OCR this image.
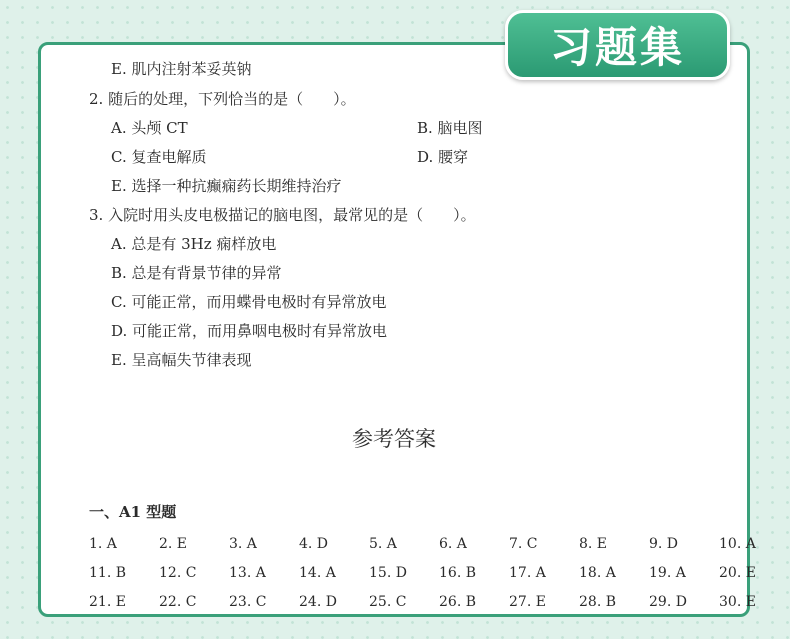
习题集
E. 肌内注射苯妥英钠
2. 随后的处理，下列恰当的是（　　）。
A. 头颅 CT	B. 脑电图
C. 复查电解质	D. 腰穿
E. 选择一种抗癫痫药长期维持治疗
3. 入院时用头皮电极描记的脑电图，最常见的是（　　）。
A. 总是有 3Hz 痫样放电
B. 总是有背景节律的异常
C. 可能正常，而用蝶骨电极时有异常放电
D. 可能正常，而用鼻咽电极时有异常放电
E. 呈高幅失节律表现
参考答案
一、A1 型题
1. A	2. E	3. A	4. D	5. A	6. A	7. C	8. E	9. D	10. A
11. B 12. C 13. A 14. A 15. D 16. B 17. A 18. A 19. A 20. E
21. E 22. C 23. C 24. D 25. C 26. B 27. E 28. B 29. D 30. E
